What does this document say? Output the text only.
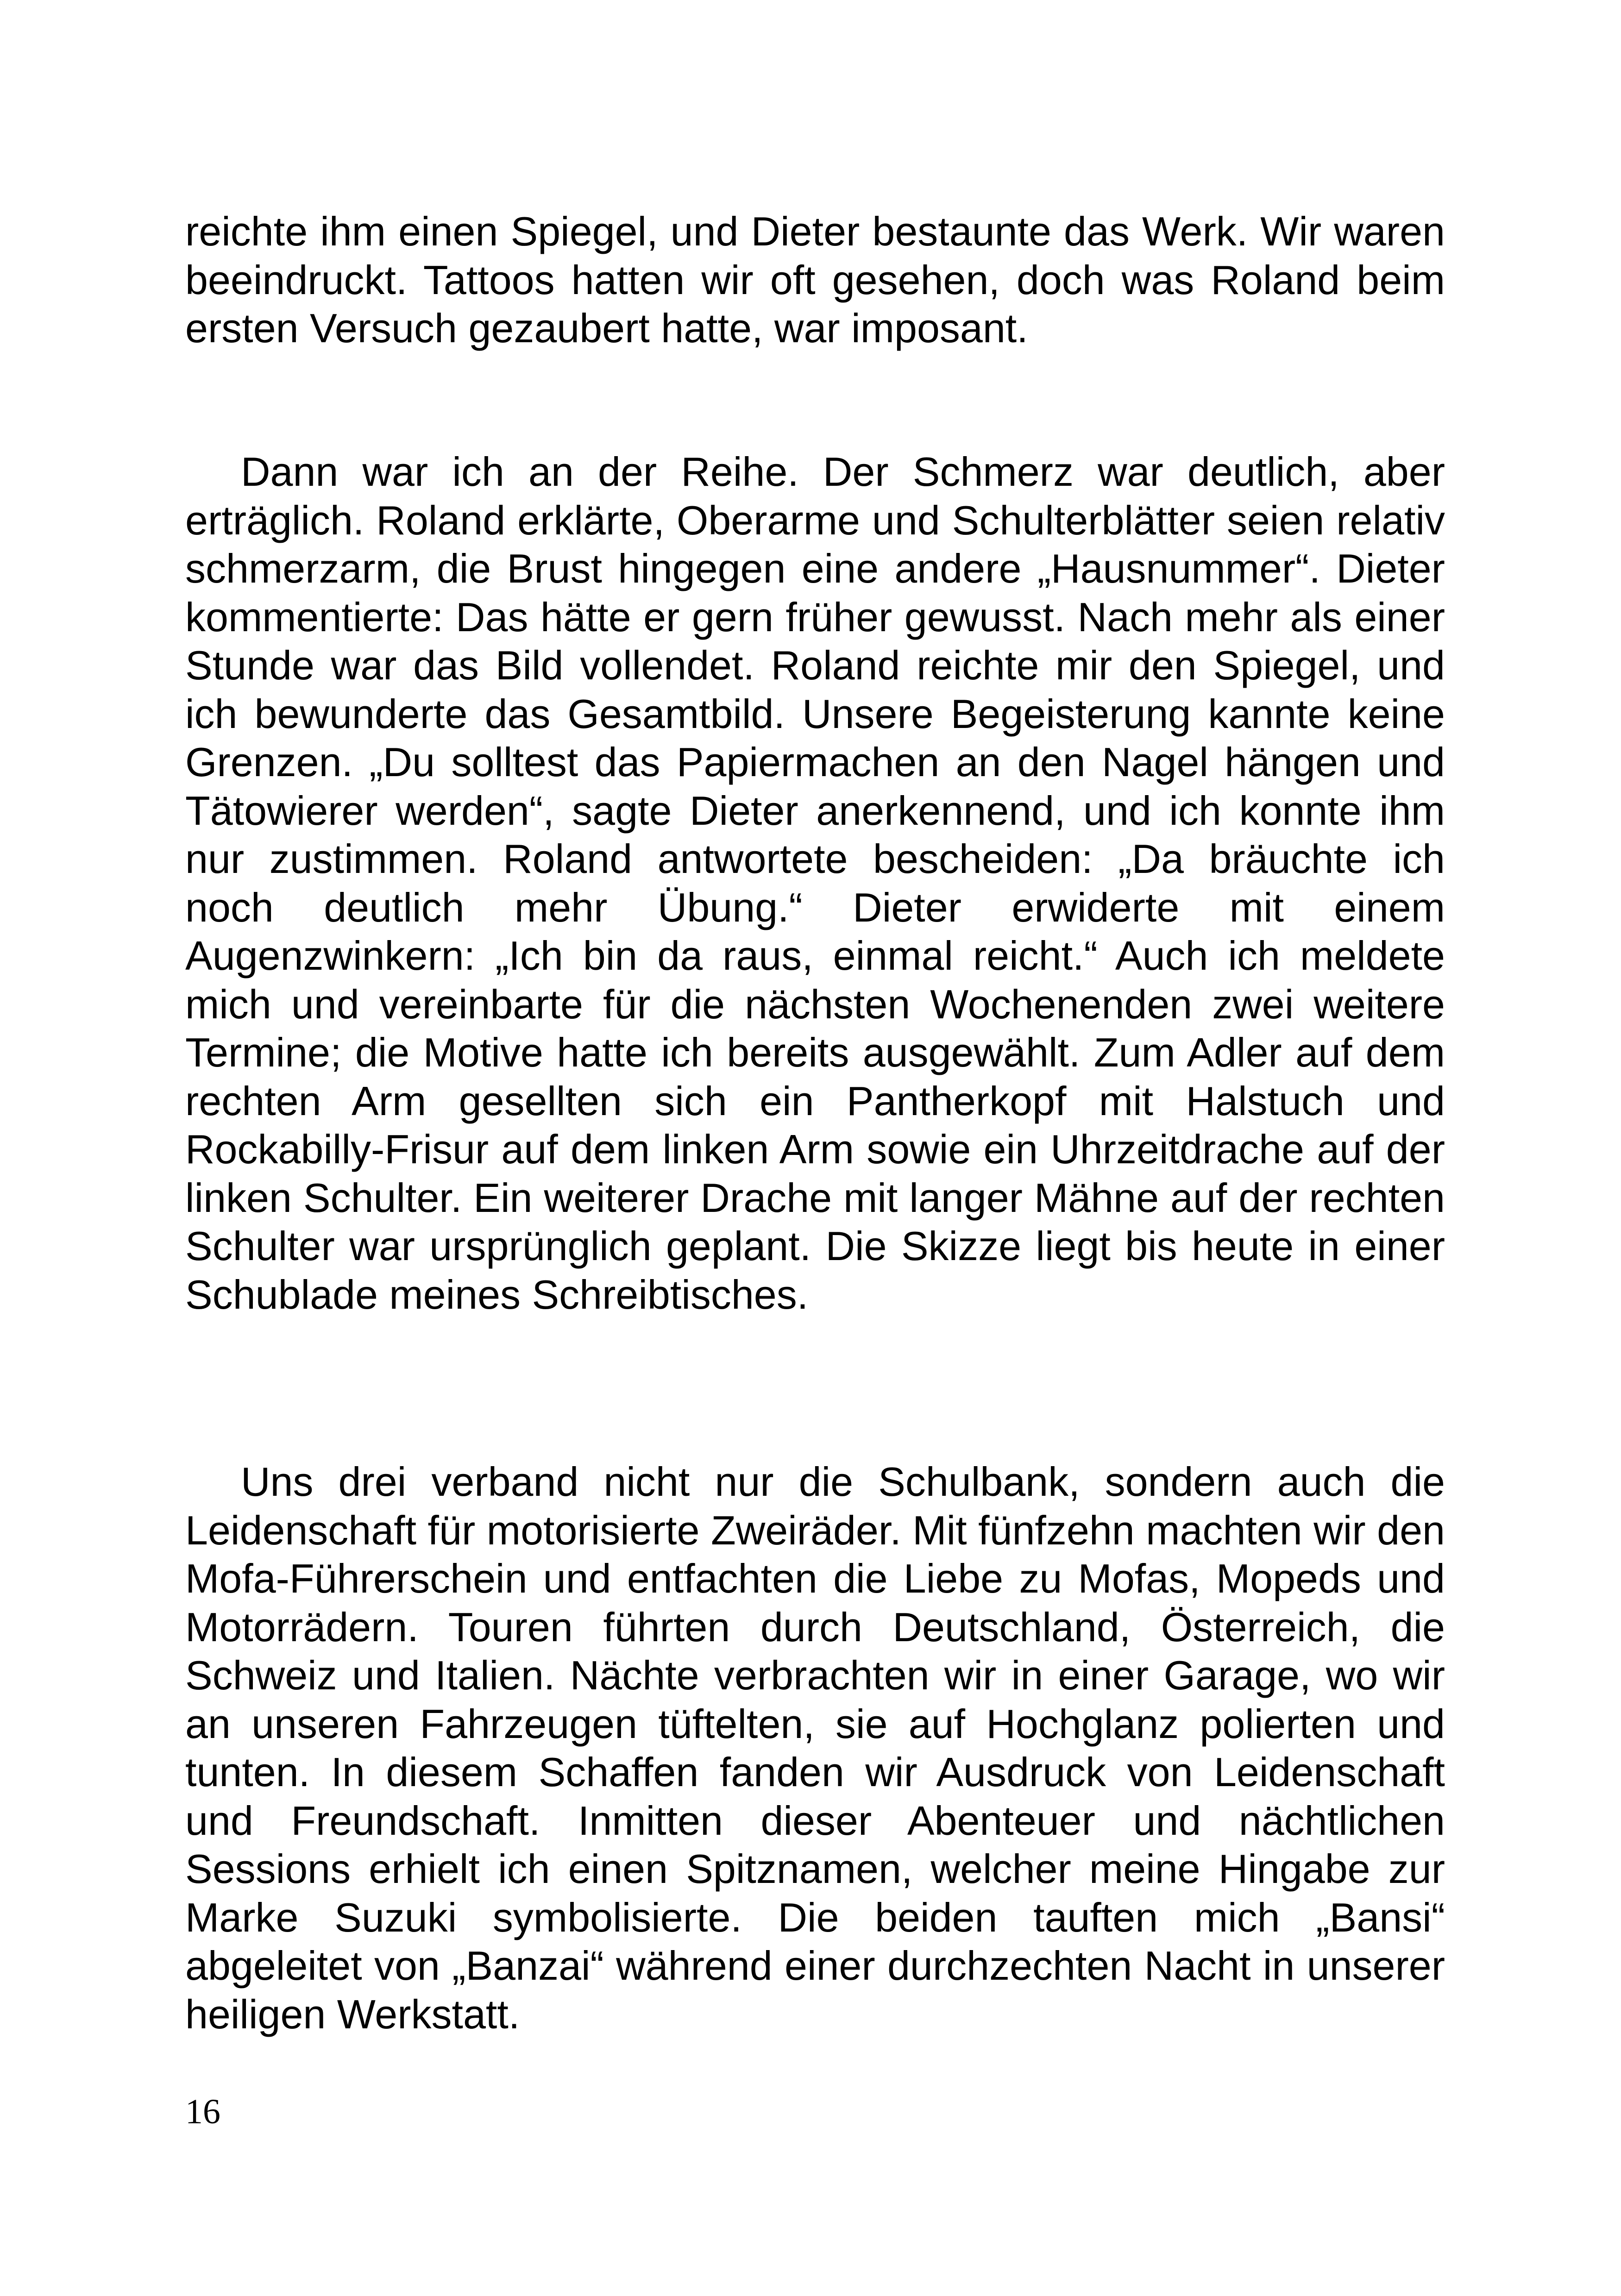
reichte ihm einen Spiegel, und Dieter bestaunte das Werk. Wir waren beeindruckt. Tattoos hatten wir oft gesehen, doch was Roland beim ersten Versuch gezaubert hatte, war imposant.

Dann war ich an der Reihe. Der Schmerz war deutlich, aber erträglich. Roland erklärte, Oberarme und Schulterblätter seien relativ schmerzarm, die Brust hingegen eine andere „Hausnummer“. Dieter kommentierte: Das hätte er gern früher gewusst. Nach mehr als einer Stunde war das Bild vollendet. Roland reichte mir den Spiegel, und ich bewunderte das Gesamtbild. Unsere Begeisterung kannte keine Grenzen. „Du solltest das Papiermachen an den Nagel hängen und Tätowierer werden“, sagte Dieter anerkennend, und ich konnte ihm nur zustimmen. Roland antwortete bescheiden: „Da bräuchte ich noch deutlich mehr Übung.“ Dieter erwiderte mit einem Augenzwinkern: „Ich bin da raus, einmal reicht.“ Auch ich meldete mich und vereinbarte für die nächsten Wochenenden zwei weitere Termine; die Motive hatte ich bereits ausgewählt. Zum Adler auf dem rechten Arm gesellten sich ein Pantherkopf mit Halstuch und Rockabilly-Frisur auf dem linken Arm sowie ein Uhrzeitdrache auf der linken Schulter. Ein weiterer Drache mit langer Mähne auf der rechten Schulter war ursprünglich geplant. Die Skizze liegt bis heute in einer Schublade meines Schreibtisches.

Uns drei verband nicht nur die Schulbank, sondern auch die Leidenschaft für motorisierte Zweiräder. Mit fünfzehn machten wir den Mofa-Führerschein und entfachten die Liebe zu Mofas, Mopeds und Motorrädern. Touren führten durch Deutschland, Österreich, die Schweiz und Italien. Nächte verbrachten wir in einer Garage, wo wir an unseren Fahrzeugen tüftelten, sie auf Hochglanz polierten und tunten. In diesem Schaffen fanden wir Ausdruck von Leidenschaft und Freundschaft. Inmitten dieser Abenteuer und nächtlichen Sessions erhielt ich einen Spitznamen, welcher meine Hingabe zur Marke Suzuki symbolisierte. Die beiden tauften mich „Bansi“ abgeleitet von „Banzai“ während einer durchzechten Nacht in unserer heiligen Werkstatt.

16
